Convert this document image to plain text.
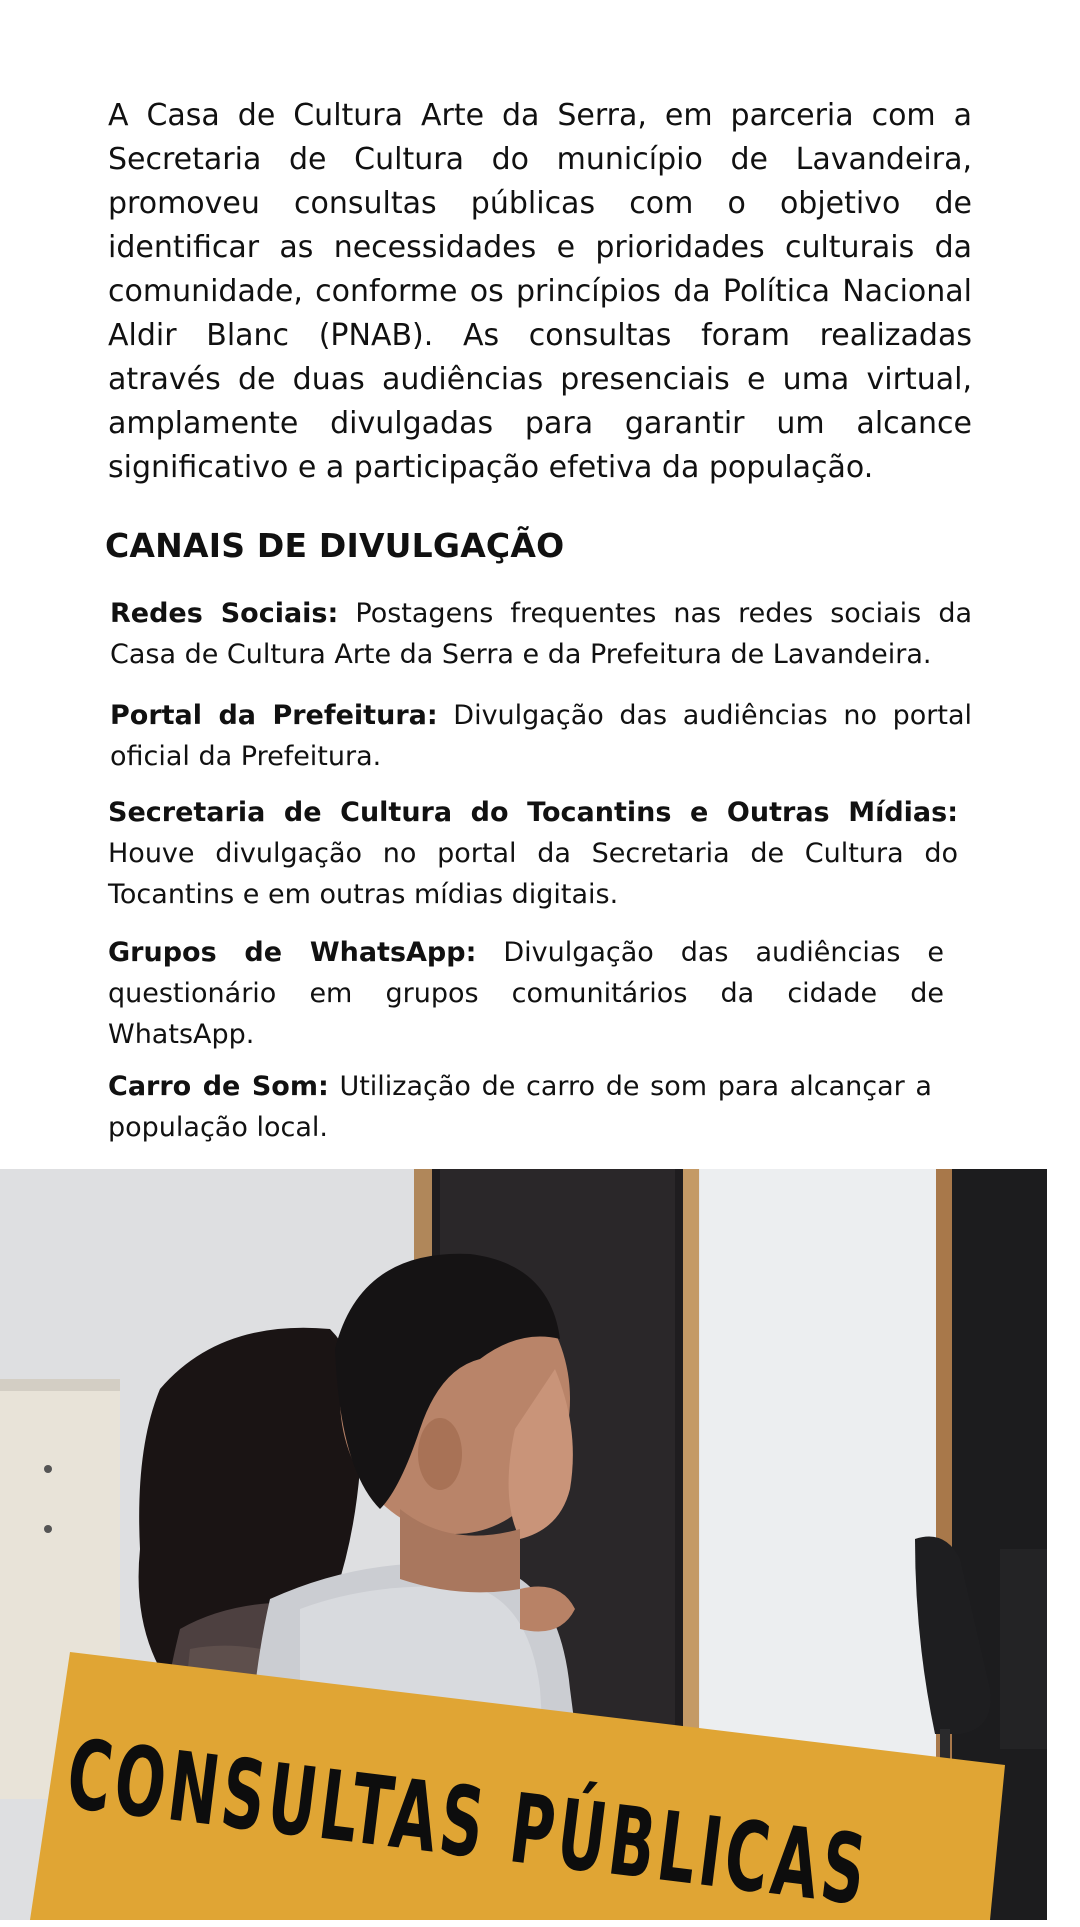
A Casa de Cultura Arte da Serra, em parceria com a Secretaria de Cultura do município de Lavandeira, promoveu consultas públicas com o objetivo de identificar as necessidades e prioridades culturais da comunidade, conforme os princípios da Política Nacional Aldir Blanc (PNAB). As consultas foram realizadas através de duas audiências presenciais e uma virtual, amplamente divulgadas para garantir um alcance significativo e a participação efetiva da população.

CANAIS DE DIVULGAÇÃO

Redes Sociais: Postagens frequentes nas redes sociais da Casa de Cultura Arte da Serra e da Prefeitura de Lavandeira.

Portal da Prefeitura: Divulgação das audiências no portal oficial da Prefeitura.

Secretaria de Cultura do Tocantins e Outras Mídias: Houve divulgação no portal da Secretaria de Cultura do Tocantins e em outras mídias digitais.

Grupos de WhatsApp: Divulgação das audiências e questionário em grupos comunitários da cidade de WhatsApp.

Carro de Som: Utilização de carro de som para alcançar a população local.

CONSULTAS PÚBLICAS
